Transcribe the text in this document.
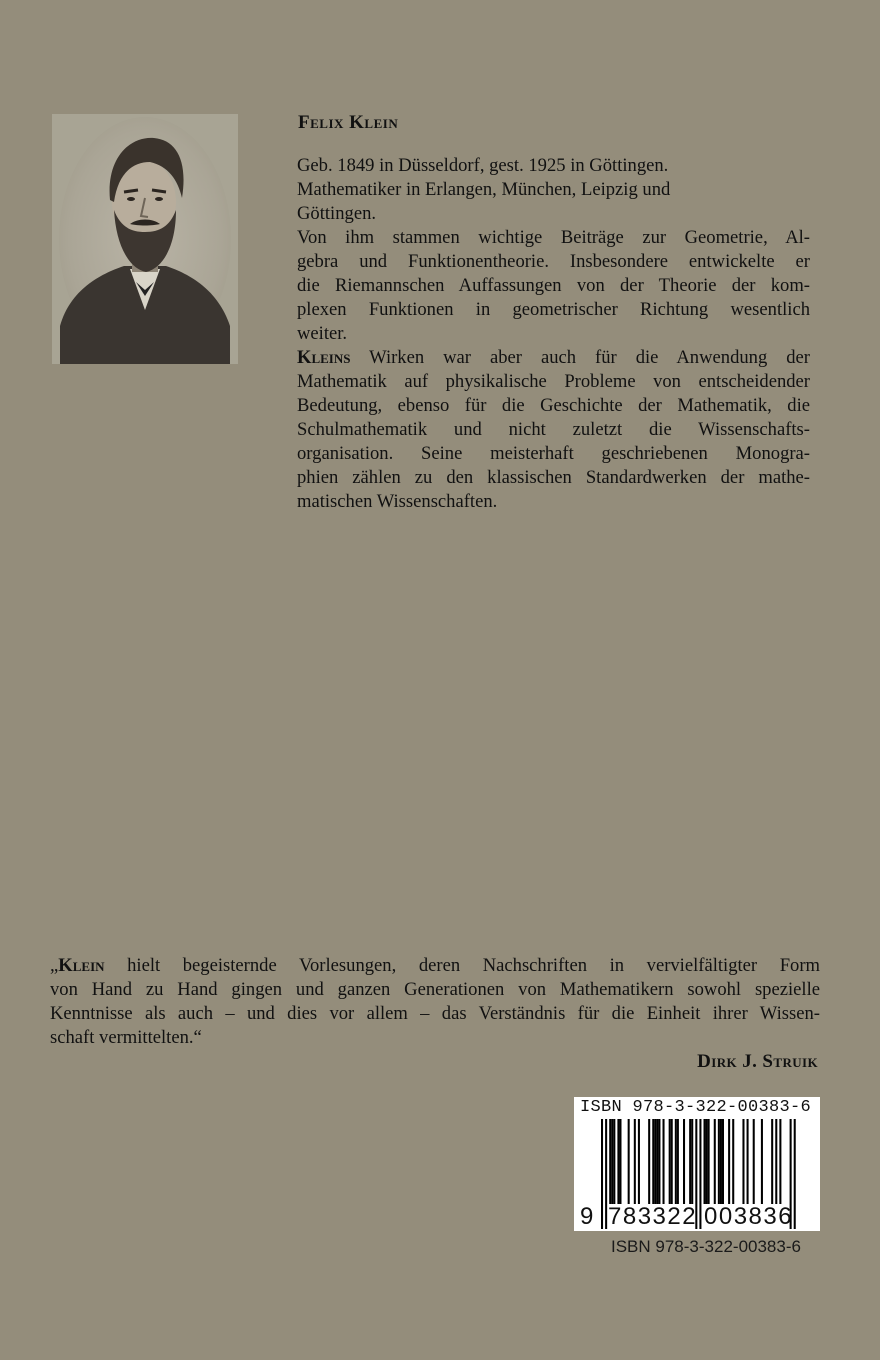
Felix Klein

Geb. 1849 in Düsseldorf, gest. 1925 in Göttingen.

Mathematiker in Erlangen, München, Leipzig und

Göttingen.

Von ihm stammen wichtige Beiträge zur Geometrie, Al-

gebra und Funktionentheorie. Insbesondere entwickelte er

die Riemannschen Auffassungen von der Theorie der kom-

plexen Funktionen in geometrischer Richtung wesentlich

weiter.

Kleins Wirken war aber auch für die Anwendung der

Mathematik auf physikalische Probleme von entscheidender

Bedeutung, ebenso für die Geschichte der Mathematik, die

Schulmathematik und nicht zuletzt die Wissenschafts-

organisation. Seine meisterhaft geschriebenen Monogra-

phien zählen zu den klassischen Standardwerken der mathe-

matischen Wissenschaften.

„Klein hielt begeisternde Vorlesungen, deren Nachschriften in vervielfältigter Form

von Hand zu Hand gingen und ganzen Generationen von Mathematikern sowohl spezielle

Kenntnisse als auch – und dies vor allem – das Verständnis für die Einheit ihrer Wissen-

schaft vermittelten.“

Dirk J. Struik
ISBN 978-3-322-00383-6
9 783322 003836
ISBN 978-3-322-00383-6
